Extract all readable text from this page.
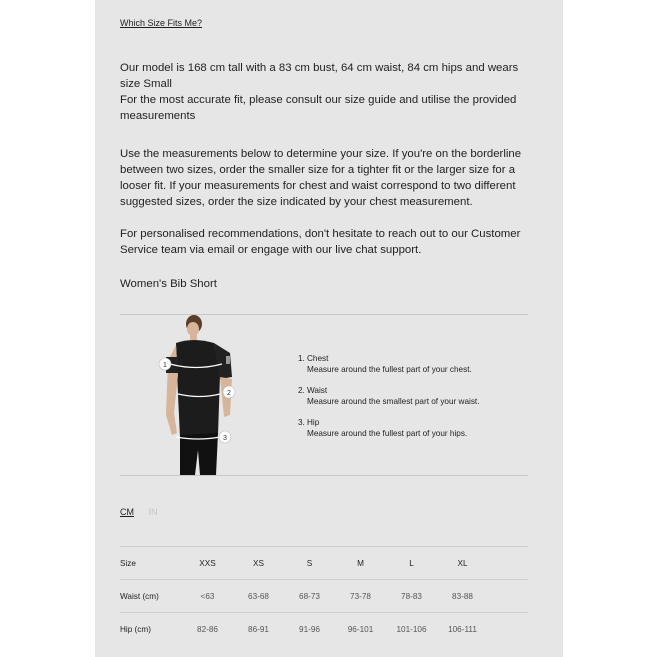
Which Size Fits Me?

Our model is 168 cm tall with a 83 cm bust, 64 cm waist, 84 cm hips and wears size Small

For the most accurate fit, please consult our size guide and utilise the provided measurements

Use the measurements below to determine your size. If you're on the borderline between two sizes, order the smaller size for a tighter fit or the larger size for a looser fit. If your measurements for chest and waist correspond to two different suggested sizes, order the size indicated by your chest measurement.

For personalised recommendations, don't hesitate to reach out to our Customer Service team via email or engage with our live chat support.

Women's Bib Short
1
2
3
1. Chest
Measure around the fullest part of your chest.
2. Waist
Measure around the smallest part of your waist.
3. Hip
Measure around the fullest part of your hips.
CM IN
Size	XXS	XS	S	M	L	XL
Waist (cm)	<63	63-68	68-73	73-78	78-83	83-88
Hip (cm)	82-86	86-91	91-96	96-101	101-106	106-111
